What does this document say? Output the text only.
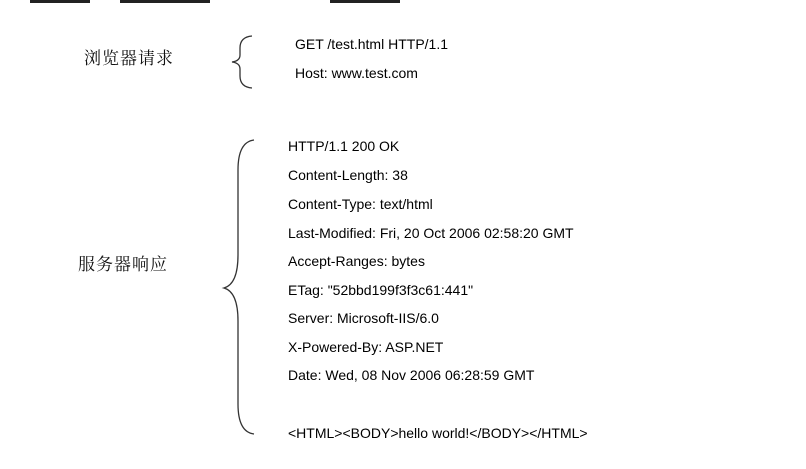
浏览器请求
GET /test.html HTTP/1.1
Host: www.test.com
服务器响应
HTTP/1.1 200 OK
Content-Length: 38
Content-Type: text/html
Last-Modified: Fri, 20 Oct 2006 02:58:20 GMT
Accept-Ranges: bytes
ETag: "52bbd199f3f3c61:441"
Server: Microsoft-IIS/6.0
X-Powered-By: ASP.NET
Date: Wed, 08 Nov 2006 06:28:59 GMT
<HTML><BODY>hello world!</BODY></HTML>
